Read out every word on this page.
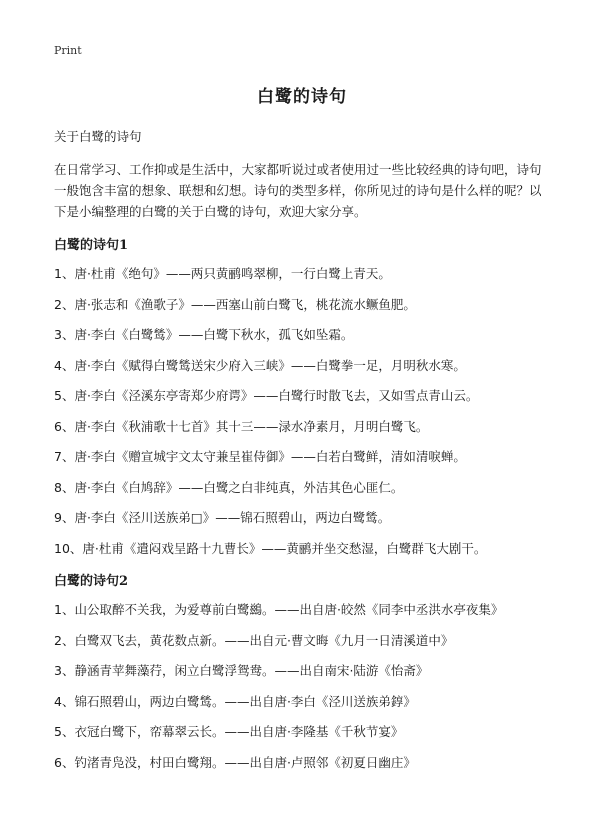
Print
白鹭的诗句
关于白鹭的诗句
在日常学习、工作抑或是生活中，大家都听说过或者使用过一些比较经典的诗句吧，诗句一般饱含丰富的想象、联想和幻想。诗句的类型多样，你所见过的诗句是什么样的呢？以下是小编整理的白鹭的关于白鹭的诗句，欢迎大家分享。
白鹭的诗句1
1、唐·杜甫《绝句》——两只黄鹂鸣翠柳，一行白鹭上青天。
2、唐·张志和《渔歌子》——西塞山前白鹭飞，桃花流水鳜鱼肥。
3、唐·李白《白鹭鸶》——白鹭下秋水，孤飞如坠霜。
4、唐·李白《赋得白鹭鸶送宋少府入三峡》——白鹭拳一足，月明秋水寒。
5、唐·李白《泾溪东亭寄郑少府谔》——白鹭行时散飞去，又如雪点青山云。
6、唐·李白《秋浦歌十七首》其十三——渌水净素月，月明白鹭飞。
7、唐·李白《赠宣城宇文太守兼呈崔侍御》——白若白鹭鲜，清如清唳蝉。
8、唐·李白《白鸠辞》——白鹭之白非纯真，外洁其色心匪仁。
9、唐·李白《泾川送族弟□》——锦石照碧山，两边白鹭鸶。
10、唐·杜甫《遣闷戏呈路十九曹长》——黄鹂并坐交愁湿，白鹭群飞大剧干。
白鹭的诗句2
1、山公取醉不关我，为爱尊前白鹭鷀。——出自唐·皎然《同李中丞洪水亭夜集》
2、白鹭双飞去，黄花数点新。——出自元·曹文晦《九月一日清溪道中》
3、静涵青苹舞藻荇，闲立白鹭浮鸳鸯。——出自南宋·陆游《怡斋》
4、锦石照碧山，两边白鹭鸶。——出自唐·李白《泾川送族弟錞》
5、衣冠白鹭下，帟幕翠云长。——出自唐·李隆基《千秋节宴》
6、钓渚青凫没，村田白鹭翔。——出自唐·卢照邻《初夏日幽庄》
